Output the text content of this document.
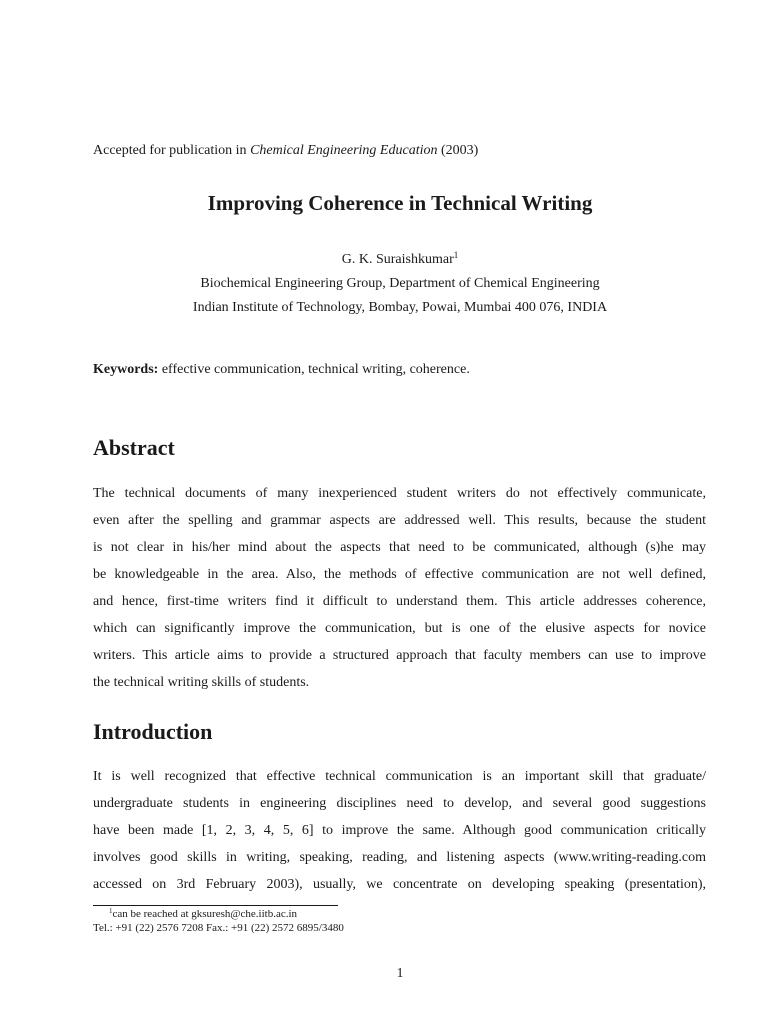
Accepted for publication in Chemical Engineering Education (2003)
Improving Coherence in Technical Writing
G. K. Suraishkumar$^1$
Biochemical Engineering Group, Department of Chemical Engineering
Indian Institute of Technology, Bombay, Powai, Mumbai 400 076, INDIA
Keywords: effective communication, technical writing, coherence.
Abstract
The technical documents of many inexperienced student writers do not effectively communicate,
even after the spelling and grammar aspects are addressed well. This results, because the student
is not clear in his/her mind about the aspects that need to be communicated, although (s)he may
be knowledgeable in the area. Also, the methods of effective communication are not well defined,
and hence, first-time writers find it difficult to understand them. This article addresses coherence,
which can significantly improve the communication, but is one of the elusive aspects for novice
writers. This article aims to provide a structured approach that faculty members can use to improve
the technical writing skills of students.
Introduction
It is well recognized that effective technical communication is an important skill that graduate/
undergraduate students in engineering disciplines need to develop, and several good suggestions
have been made [1, 2, 3, 4, 5, 6] to improve the same. Although good communication critically
involves good skills in writing, speaking, reading, and listening aspects (www.writing-reading.com
accessed on 3rd February 2003), usually, we concentrate on developing speaking (presentation),
$^1$can be reached at gksuresh@che.iitb.ac.in
Tel.: +91 (22) 2576 7208 Fax.: +91 (22) 2572 6895/3480
1
